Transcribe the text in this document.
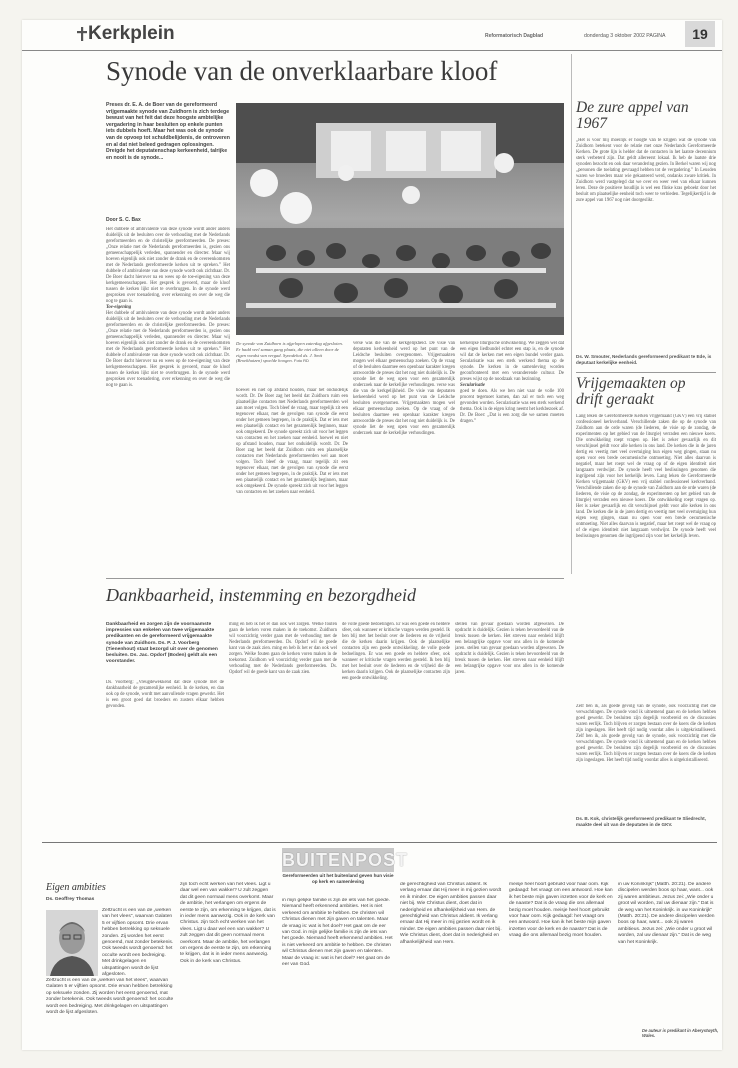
Kerkplein	Reformatorisch Dagblad	donderdag 3 oktober 2002 PAGINA	19
Synode van de onverklaarbare kloof
Preses dr. E. A. de Boer van de gereformeerd vrijgemaakte synode van Zuidhorn is zich terdege bewust van het feit dat deze hoogste ambtelijke vergadering in haar besluiten op enkele punten iets dubbels hoeft. Maar het was ook de synode van de opvoep tot schuldbelijdenis, de ontroveren en al dat niet beleed gedragen oplossingen. Dreigde het deputatenschap kerkeenheid, talrijke en nooit is de synode...
Door S. C. Bax
Het dubbele of ambivalente van deze synode wordt ander anders duidelijk uit de besluiten over de verhouding met de Nederlands gereformeerden en de christelijke gereformeerden. De preses: „Onze relatie met de Nederlands gereformeerden is, gezien ons gemeenschappelijk verleden, spannender en directer. Maar wij hoeven eigenlijk ook niet zonder de drank en de overeenkomsten met de Nederlands gereformeerde kerken uit te spreken.” Het dubbele of ambivalente van deze synode wordt ook zichtbaar. Dr. De Boer dacht hierover na en wees op de toe-eigening van deze kerkgemeenschappen. Het gesprek is gevoerd, maar de kloof tussen de kerken lijkt niet te overbruggen. In de synode werd gesproken over toenadering, over erkenning en over de weg die nog te gaan is.
Toe-eigening
Het dubbele of ambivalente van deze synode wordt ander anders duidelijk uit de besluiten over de verhouding met de Nederlands gereformeerden en de christelijke gereformeerden. De preses: „Onze relatie met de Nederlands gereformeerden is, gezien ons gemeenschappelijk verleden, spannender en directer. Maar wij hoeven eigenlijk ook niet zonder de drank en de overeenkomsten met de Nederlands gereformeerde kerken uit te spreken.” Het dubbele of ambivalente van deze synode wordt ook zichtbaar. Dr. De Boer dacht hierover na en wees op de toe-eigening van deze kerkgemeenschappen. Het gesprek is gevoerd, maar de kloof tussen de kerken lijkt niet te overbruggen. In de synode werd gesproken over toenadering, over erkenning en over de weg die nog te gaan is.
De synode van Zuidhorn is afgelopen zaterdag afgesloten. Er hadd veel saman gang plaats, die niet alleen door de eigen vondst van vergad. Synodehal ds. J. Smit (Broekhuizen) spoelde hoogen. Foto RD
hoewel en niet op afstand houden, maar het onduidelijk wordt. Dr. De Boer zag het beeld dat Zuidhorn ruim een plaatselijke contacten met Nederlands gereformeerden wel aan moet volgen. Toch bleef de vraag, maar tegelijk zit een tegenover elkaar, met de gevolgen van synode die eerst onder het gemeen begrepen, in de praktijk. Dat er iets met een plaatselijk contact en het gezamenlijk beginnen, maar ook omgekeerd. De synode spreekt zich uit voor het leggen van contacten en het zoeken naar eenheid. hoewel en niet op afstand houden, maar het onduidelijk wordt. Dr. De Boer zag het beeld dat Zuidhorn ruim een plaatselijke contacten met Nederlands gereformeerden wel aan moet volgen. Toch bleef de vraag, maar tegelijk zit een tegenover elkaar, met de gevolgen van synode die eerst onder het gemeen begrepen, in de praktijk. Dat er iets met een plaatselijk contact en het gezamenlijk beginnen, maar ook omgekeerd. De synode spreekt zich uit voor het leggen van contacten en het zoeken naar eenheid.
verse was die van de kerkgelijkheid. De visie van deputaten kerkeenheid werd op het punt van de Leidsche besluiten overgenomen. Vrijgemaakten mogen wel elkaar gemeenschap zoeken. Op de vraag of de besluiten daarmee een openbaar karakter kregen antwoordde de preses dat het nog niet duidelijk is. De synode liet de weg open voor een gezamenlijk onderzoek naar de kerkelijke verhoudingen. verse was die van de kerkgelijkheid. De visie van deputaten kerkeenheid werd op het punt van de Leidsche besluiten overgenomen. Vrijgemaakten mogen wel elkaar gemeenschap zoeken. Op de vraag of de besluiten daarmee een openbaar karakter kregen antwoordde de preses dat het nog niet duidelijk is. De synode liet de weg open voor een gezamenlijk onderzoek naar de kerkelijke verhoudingen.
kerkelijke liturgische ontwikkeling. We zeggen wel dat een eigen liedbundel echter een stap is, en de synode wil dat de kerken met een eigen bundel verder gaan. Secularisatie was een sterk werkend thema op de synode. De kerken in de samenleving worden geconfronteerd met een veranderende cultuur. De preses wijst op de noodzaak van bezinning.
Secularisatie
goed te doen. Als we ben niet vaar de volle 100 procent tegemoet komen, dan zal er toch een weg gevonden worden. Secularisatie was een sterk werkend thema. Ook in de eigen kring neemt het kerkbezoek af. Dr. De Boer: „Dat is een zorg die we samen moeten dragen.”
De zure appel van 1967
„Het is voor mij moeilijk er hoogte van te krijgen wat de synode van Zuidhorn betekent voor de relatie met onze Nederlands Gereformeerde Kerken. De grote lijn is helder dat de contacten in het laatste decennium sterk verbeterd zijn. Dat geldt allereerst lokaal. Ik heb de laatste drie synoden bezocht en ook daar verandering gezien. In Berkel waren wij nog „personen die toelating gevraagd hebben tot de vergadering.” In Leusden waren we broeders maar wie gekanteerd werd, ondanks zware kritiek. In Zuidhorn werd vastgelegd dat we over en weer veel van elkaar kunnen leren. Deze de positieve houdlijn is wel een flinke kras geboekt door het besluit om plaatselijke eenheid toch weer te verbieden. Tegelijkertijd is de zure appel van 1967 nog niet doorgeslikt.
Ds. W. Smouter, Nederlands gereformeerd predikant te Ede, is deputaat kerkelijke eenheid.
Vrijgemaakten op drift geraakt
Lang leken de Gereformeerde Kerken vrijgemaakt (GKV) een vrij stabiel confessioneel kerkverband. Verschillende zaken die op de synode van Zuidhorn aan de orde waren (de liederen, de visie op de zondag, de experimenten op het gebied van de liturgie) verraden een nieuwe koers. Die ontwikkeling roept vragen op. Het is zeker gevaarlijk en dit verschijnsel geldt voor alle kerken in ons land. De kerken die in de jaren dertig en veertig met veel overtuiging hun eigen weg gingen, staan nu open voor een brede oecumenische ontmoeting. Niet alles daarvan is negatief, maar het roept wel de vraag op of de eigen identiteit niet langzaam verdwijnt. De synode heeft veel beslissingen genomen die ingrijpend zijn voor het kerkelijk leven. Lang leken de Gereformeerde Kerken vrijgemaakt (GKV) een vrij stabiel confessioneel kerkverband. Verschillende zaken die op de synode van Zuidhorn aan de orde waren (de liederen, de visie op de zondag, de experimenten op het gebied van de liturgie) verraden een nieuwe koers. Die ontwikkeling roept vragen op. Het is zeker gevaarlijk en dit verschijnsel geldt voor alle kerken in ons land. De kerken die in de jaren dertig en veertig met veel overtuiging hun eigen weg gingen, staan nu open voor een brede oecumenische ontmoeting. Niet alles daarvan is negatief, maar het roept wel de vraag op of de eigen identiteit niet langzaam verdwijnt. De synode heeft veel beslissingen genomen die ingrijpend zijn voor het kerkelijk leven.
Dankbaarheid, instemming en bezorgdheid
Dankbaarheid en zorgen zijn de voornaamste impressies van enkelen van twee vrijgemaakte predikanten en de gereformeerd vrijgemaakte synode van Zuidhorn. Ds. P. J. Voorberg (Tienenhout) staat bezorgd uit over de genomen besluiten. Ds. Jac. Opdorf (Boden) geldt als een voorstander.
Ds. Voorberg: „Vreugdewekkend dat deze synode met de dankbaarheid de gezamenlijke eenheid. In de kerken, en dan ook op de synode, wordt met aanvullende vragen gewerkt. Het is een groot goed dat broeders en zusters elkaar hebben gevonden.
ming en heb ik het er dan ook wel zorgen. Welke fouten gaan de kerken voren maken in de toekomst. Zuidhorn wil voorzichtig verder gaan met de verhouding met de Nederlands gereformeerden. Ds. Opdorf wil de goede kant van de zaak zien. ming en heb ik het er dan ook wel zorgen. Welke fouten gaan de kerken voren maken in de toekomst. Zuidhorn wil voorzichtig verder gaan met de verhouding met de Nederlands gereformeerden. Ds. Opdorf wil de goede kant van de zaak zien.
de volle goede bedoelingen. Er was een goede en heldere sfeer, ook wanneer er kritische vragen werden gesteld. Ik ben blij met het besluit over de liederen en de vrijheid die de kerken daarin krijgen. Ook de plaatselijke contacten zijn een goede ontwikkeling. de volle goede bedoelingen. Er was een goede en heldere sfeer, ook wanneer er kritische vragen werden gesteld. Ik ben blij met het besluit over de liederen en de vrijheid die de kerken daarin krijgen. Ook de plaatselijke contacten zijn een goede ontwikkeling.
stellen van gevaar goedaan worden afgewezen. De opdracht is duidelijk. Gezien is teken bevoordeeld van de breuk tussen de kerken. Het streven naar eenheid blijft een belangrijke opgave voor ons allen in de komende jaren. stellen van gevaar goedaan worden afgewezen. De opdracht is duidelijk. Gezien is teken bevoordeeld van de breuk tussen de kerken. Het streven naar eenheid blijft een belangrijke opgave voor ons allen in de komende jaren.
Zelf ben ik, als goede gevolg van de synode, ook voorzichtig met die verwachtingen. De synode vond ik uitnemend gaan en de kerken hebben goed gewerkt. De besluiten zijn degelijk voorbereid en de discussies waren eerlijk. Toch blijven er zorgen bestaan over de koers die de kerken zijn ingeslagen. Het heeft tijd nodig voordat alles is uitgekristalliseerd. Zelf ben ik, als goede gevolg van de synode, ook voorzichtig met die verwachtingen. De synode vond ik uitnemend gaan en de kerken hebben goed gewerkt. De besluiten zijn degelijk voorbereid en de discussies waren eerlijk. Toch blijven er zorgen bestaan over de koers die de kerken zijn ingeslagen. Het heeft tijd nodig voordat alles is uitgekristalliseerd.
Ds. B. Kok, christelijk gereformeerd predikant te Sliedrecht, maakte deel uit van de deputaten in de GKV.
BUITENPOST
Gereformeerden uit het buitenland geven hun visie op kerk en samenleving
Eigen ambities
Ds. Geoffrey Thomas
Zelfzucht is een van de „werken van het vlees”, waarvan Galaten 5 er vijftien opsomt. Drie ervan hebben betrekking op seksuele zonden. Zij worden het eerst genoemd, mat zonder betekenis. Ook tweeds wordt genoemd: het occulte wordt een bedreiging. Met drinkgelagen en uitspattingen wordt de lijst afgesloten.
Zelfzucht is een van de „werken van het vlees”, waarvan Galaten 5 er vijftien opsomt. Drie ervan hebben betrekking op seksuele zonden. Zij worden het eerst genoemd, mat zonder betekenis. Ook tweeds wordt genoemd: het occulte wordt een bedreiging. Met drinkgelagen en uitspattingen wordt de lijst afgesloten.
zijn toch echt werken van het vlees. Ligt u daar wel een van wakker? U zult zeggen dat dit geen normaal mens overkomt. Maar de ambitie, het verlangen om ergens de eerste te zijn, om erkenning te krijgen, dat is in ieder mens aanwezig. Ook in de kerk van Christus. zijn toch echt werken van het vlees. Ligt u daar wel een van wakker? U zult zeggen dat dit geen normaal mens overkomt. Maar de ambitie, het verlangen om ergens de eerste te zijn, om erkenning te krijgen, dat is in ieder mens aanwezig. Ook in de kerk van Christus.
in mijn gelijke familie is zijn de iets van het goede. Niemand heeft erkennend ambities. Het is niet verkeerd om ambitie te hebben. De christen wil Christus dienen met zijn gaven en talenten. Maar de vraag is: wat is het doel? Het gaat om de eer van God. in mijn gelijke familie is zijn de iets van het goede. Niemand heeft erkennend ambities. Het is niet verkeerd om ambitie te hebben. De christen wil Christus dienen met zijn gaven en talenten. Maar de vraag is: wat is het doel? Het gaat om de eer van God.
de gerechtigheid van Christus aldient. Ik verlang ernaar dat Hij meer in mij gezien wordt en ik minder. De eigen ambities passen daar niet bij. Wie Christus dient, doet dat in nederigheid en afhankelijkheid van Hem. de gerechtigheid van Christus aldient. Ik verlang ernaar dat Hij meer in mij gezien wordt en ik minder. De eigen ambities passen daar niet bij. Wie Christus dient, doet dat in nederigheid en afhankelijkheid van Hem.
meisje heel hoort gebruikt voor haar oom. Kijk gedaagd: het vraagt om een antwoord. Hoe kan ik het beste mijn gaven inzetten voor de kerk en de naaste? Dat is de vraag die ons allemaal bezig moet houden. meisje heel hoort gebruikt voor haar oom. Kijk gedaagd: het vraagt om een antwoord. Hoe kan ik het beste mijn gaven inzetten voor de kerk en de naaste? Dat is de vraag die ons allemaal bezig moet houden.
in uw Koninkrijk” (Matth. 20:21). De andere discipelen werden boos op haar, want... ook zij waren ambitieus. Jezus zei: „Wie onder u groot wil worden, zal uw dienaar zijn.” Dat is de weg van het Koninkrijk. in uw Koninkrijk” (Matth. 20:21). De andere discipelen werden boos op haar, want... ook zij waren ambitieus. Jezus zei: „Wie onder u groot wil worden, zal uw dienaar zijn.” Dat is de weg van het Koninkrijk.
De auteur is predikant in Aberystwyth, Wales.
